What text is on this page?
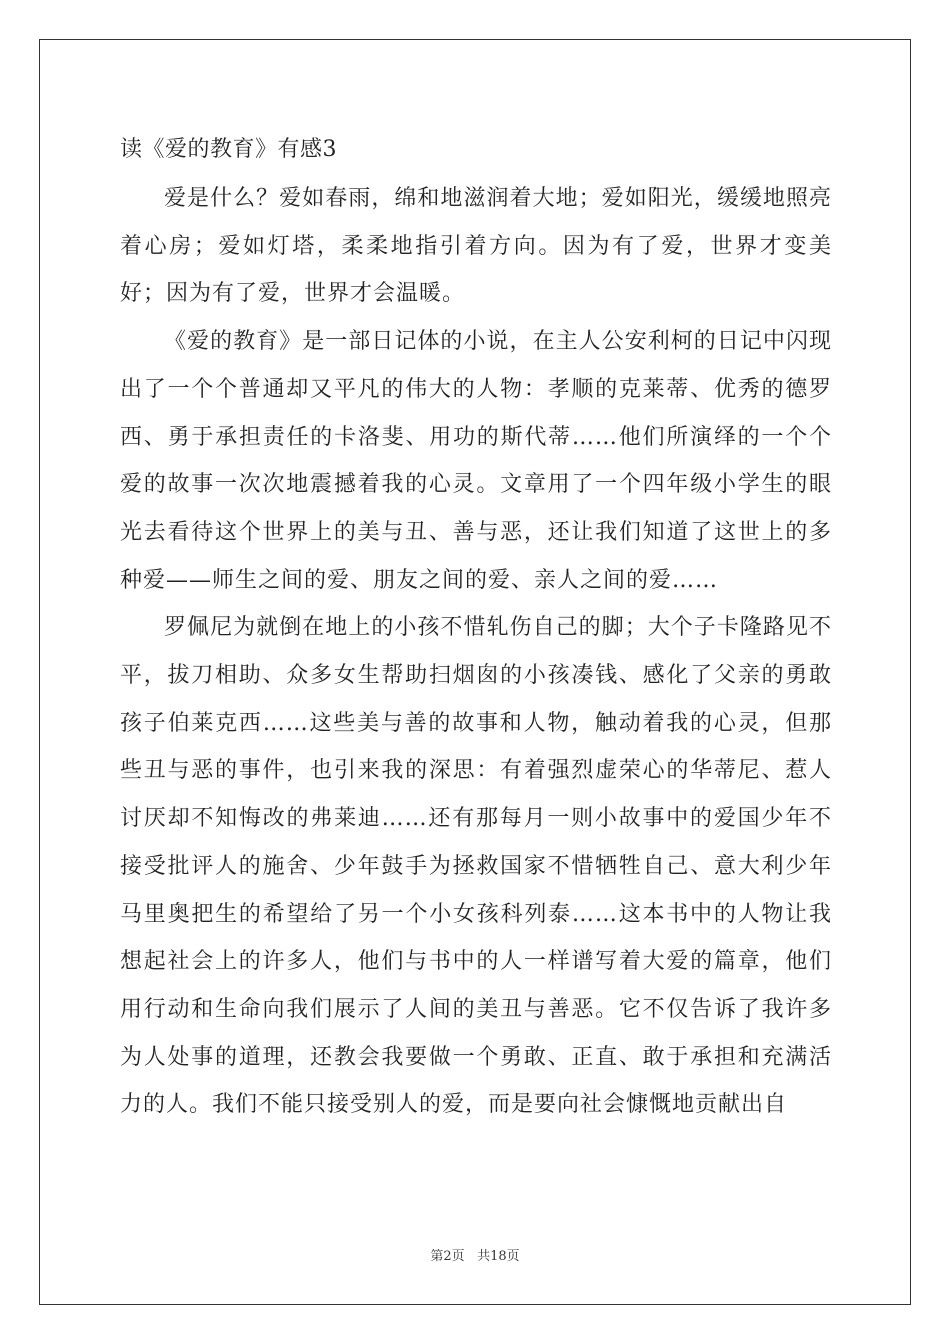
读《爱的教育》有感3

爱是什么？爱如春雨，绵和地滋润着大地；爱如阳光，缓缓地照亮着心房；爱如灯塔，柔柔地指引着方向。因为有了爱，世界才变美好；因为有了爱，世界才会温暖。

《爱的教育》是一部日记体的小说，在主人公安利柯的日记中闪现出了一个个普通却又平凡的伟大的人物：孝顺的克莱蒂、优秀的德罗西、勇于承担责任的卡洛斐、用功的斯代蒂……他们所演绎的一个个爱的故事一次次地震撼着我的心灵。文章用了一个四年级小学生的眼光去看待这个世界上的美与丑、善与恶，还让我们知道了这世上的多种爱——师生之间的爱、朋友之间的爱、亲人之间的爱……

罗佩尼为就倒在地上的小孩不惜轧伤自己的脚；大个子卡隆路见不平，拔刀相助、众多女生帮助扫烟囱的小孩凑钱、感化了父亲的勇敢孩子伯莱克西……这些美与善的故事和人物，触动着我的心灵，但那些丑与恶的事件，也引来我的深思：有着强烈虚荣心的华蒂尼、惹人讨厌却不知悔改的弗莱迪……还有那每月一则小故事中的爱国少年不接受批评人的施舍、少年鼓手为拯救国家不惜牺牲自己、意大利少年马里奥把生的希望给了另一个小女孩科列泰……这本书中的人物让我想起社会上的许多人，他们与书中的人一样谱写着大爱的篇章，他们用行动和生命向我们展示了人间的美丑与善恶。它不仅告诉了我许多为人处事的道理，还教会我要做一个勇敢、正直、敢于承担和充满活力的人。我们不能只接受别人的爱，而是要向社会慷慨地贡献出自

第2页 共18页
